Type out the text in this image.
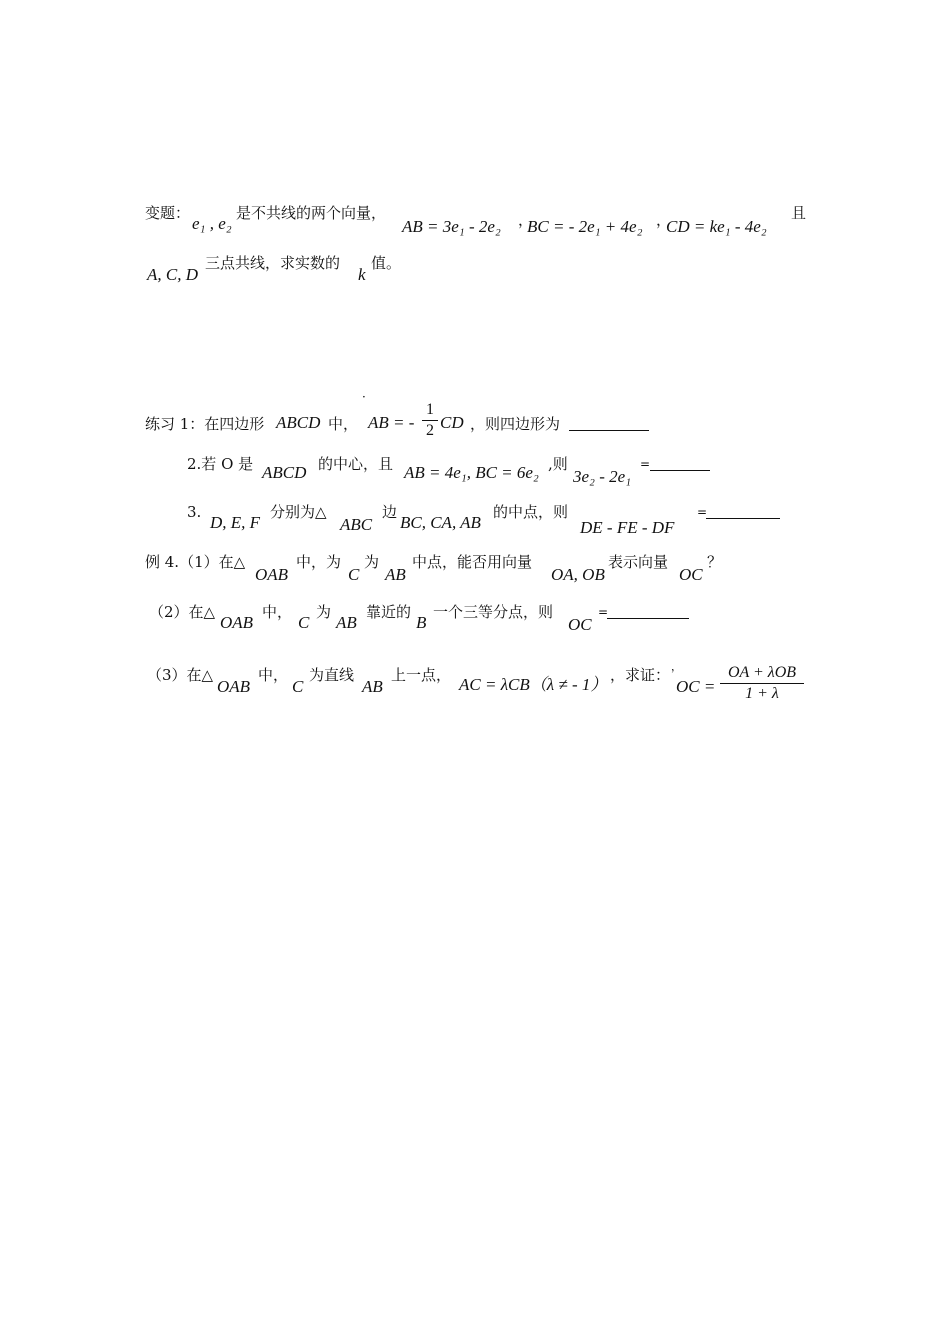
变题：
e₁ , e₂
是不共线的两个向量，
AB = 3e₁ - 2e₂ ，
BC = - 2e₁ + 4e₂ ，
CD = ke₁ - 4e₂
且
A, C, D
三点共线，求实数的
k
值。
·
练习 1：在四边形 ABCD 中， AB = -
1
2 CD ，则四边形为
2.若 O 是 ABCD 的中心，且 AB = 4e₁, BC = 6e₂ ,则
3e₂ - 2e₁
=
3.
D, E, F
分别为△
ABC
边
BC, CA, AB
的中点，则
DE - FE - DF
=
例 4.（1）在△
OAB
中，为
C
为
AB
中点，能否用向量
OA, OB
表示向量
OC
？
（2）在△
OAB
中，
C
为
AB
靠近的
B
一个三等分点，则
OC
=
（3）在△
OAB
中，
C
为直线
AB
上一点， AC = λCB（λ ≠ - 1） ，求证： ，
OC =
OA + λOB
1 + λ
